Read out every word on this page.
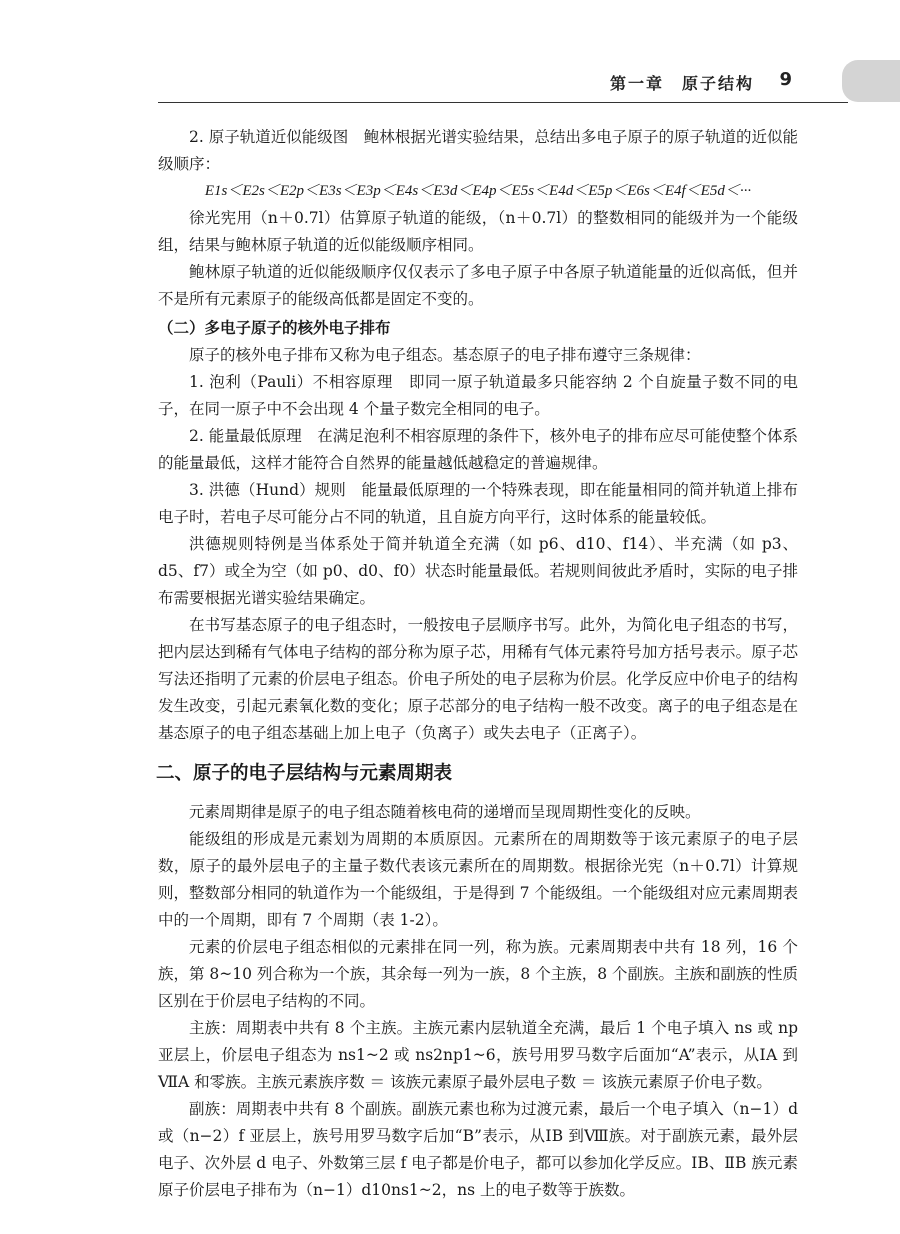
第一章　原子结构 9

2. 原子轨道近似能级图　鲍林根据光谱实验结果，总结出多电子原子的原子轨道的近似能级顺序：

E1s＜E2s＜E2p＜E3s＜E3p＜E4s＜E3d＜E4p＜E5s＜E4d＜E5p＜E6s＜E4f＜E5d＜···

徐光宪用（n＋0.7l）估算原子轨道的能级，（n＋0.7l）的整数相同的能级并为一个能级组，结果与鲍林原子轨道的近似能级顺序相同。

鲍林原子轨道的近似能级顺序仅仅表示了多电子原子中各原子轨道能量的近似高低，但并不是所有元素原子的能级高低都是固定不变的。

（二）多电子原子的核外电子排布

原子的核外电子排布又称为电子组态。基态原子的电子排布遵守三条规律：

1. 泡利（Pauli）不相容原理　即同一原子轨道最多只能容纳 2 个自旋量子数不同的电子，在同一原子中不会出现 4 个量子数完全相同的电子。

2. 能量最低原理　在满足泡利不相容原理的条件下，核外电子的排布应尽可能使整个体系的能量最低，这样才能符合自然界的能量越低越稳定的普遍规律。

3. 洪德（Hund）规则　能量最低原理的一个特殊表现，即在能量相同的简并轨道上排布电子时，若电子尽可能分占不同的轨道，且自旋方向平行，这时体系的能量较低。

洪德规则特例是当体系处于简并轨道全充满（如 p6、d10、f14）、半充满（如 p3、d5、f7）或全为空（如 p0、d0、f0）状态时能量最低。若规则间彼此矛盾时，实际的电子排布需要根据光谱实验结果确定。

在书写基态原子的电子组态时，一般按电子层顺序书写。此外，为简化电子组态的书写，把内层达到稀有气体电子结构的部分称为原子芯，用稀有气体元素符号加方括号表示。原子芯写法还指明了元素的价层电子组态。价电子所处的电子层称为价层。化学反应中价电子的结构发生改变，引起元素氧化数的变化；原子芯部分的电子结构一般不改变。离子的电子组态是在基态原子的电子组态基础上加上电子（负离子）或失去电子（正离子）。

二、原子的电子层结构与元素周期表

元素周期律是原子的电子组态随着核电荷的递增而呈现周期性变化的反映。

能级组的形成是元素划为周期的本质原因。元素所在的周期数等于该元素原子的电子层数，原子的最外层电子的主量子数代表该元素所在的周期数。根据徐光宪（n＋0.7l）计算规则，整数部分相同的轨道作为一个能级组，于是得到 7 个能级组。一个能级组对应元素周期表中的一个周期，即有 7 个周期（表 1-2）。

元素的价层电子组态相似的元素排在同一列，称为族。元素周期表中共有 18 列，16 个族，第 8~10 列合称为一个族，其余每一列为一族，8 个主族，8 个副族。主族和副族的性质区别在于价层电子结构的不同。

主族：周期表中共有 8 个主族。主族元素内层轨道全充满，最后 1 个电子填入 ns 或 np 亚层上，价层电子组态为 ns1~2 或 ns2np1~6，族号用罗马数字后面加“A”表示，从ⅠA 到ⅦA 和零族。主族元素族序数 ＝ 该族元素原子最外层电子数 ＝ 该族元素原子价电子数。

副族：周期表中共有 8 个副族。副族元素也称为过渡元素，最后一个电子填入（n−1）d 或（n−2）f 亚层上，族号用罗马数字后加“B”表示，从ⅠB 到Ⅷ族。对于副族元素，最外层电子、次外层 d 电子、外数第三层 f 电子都是价电子，都可以参加化学反应。ⅠB、ⅡB 族元素原子价层电子排布为（n−1）d10ns1~2，ns 上的电子数等于族数。
